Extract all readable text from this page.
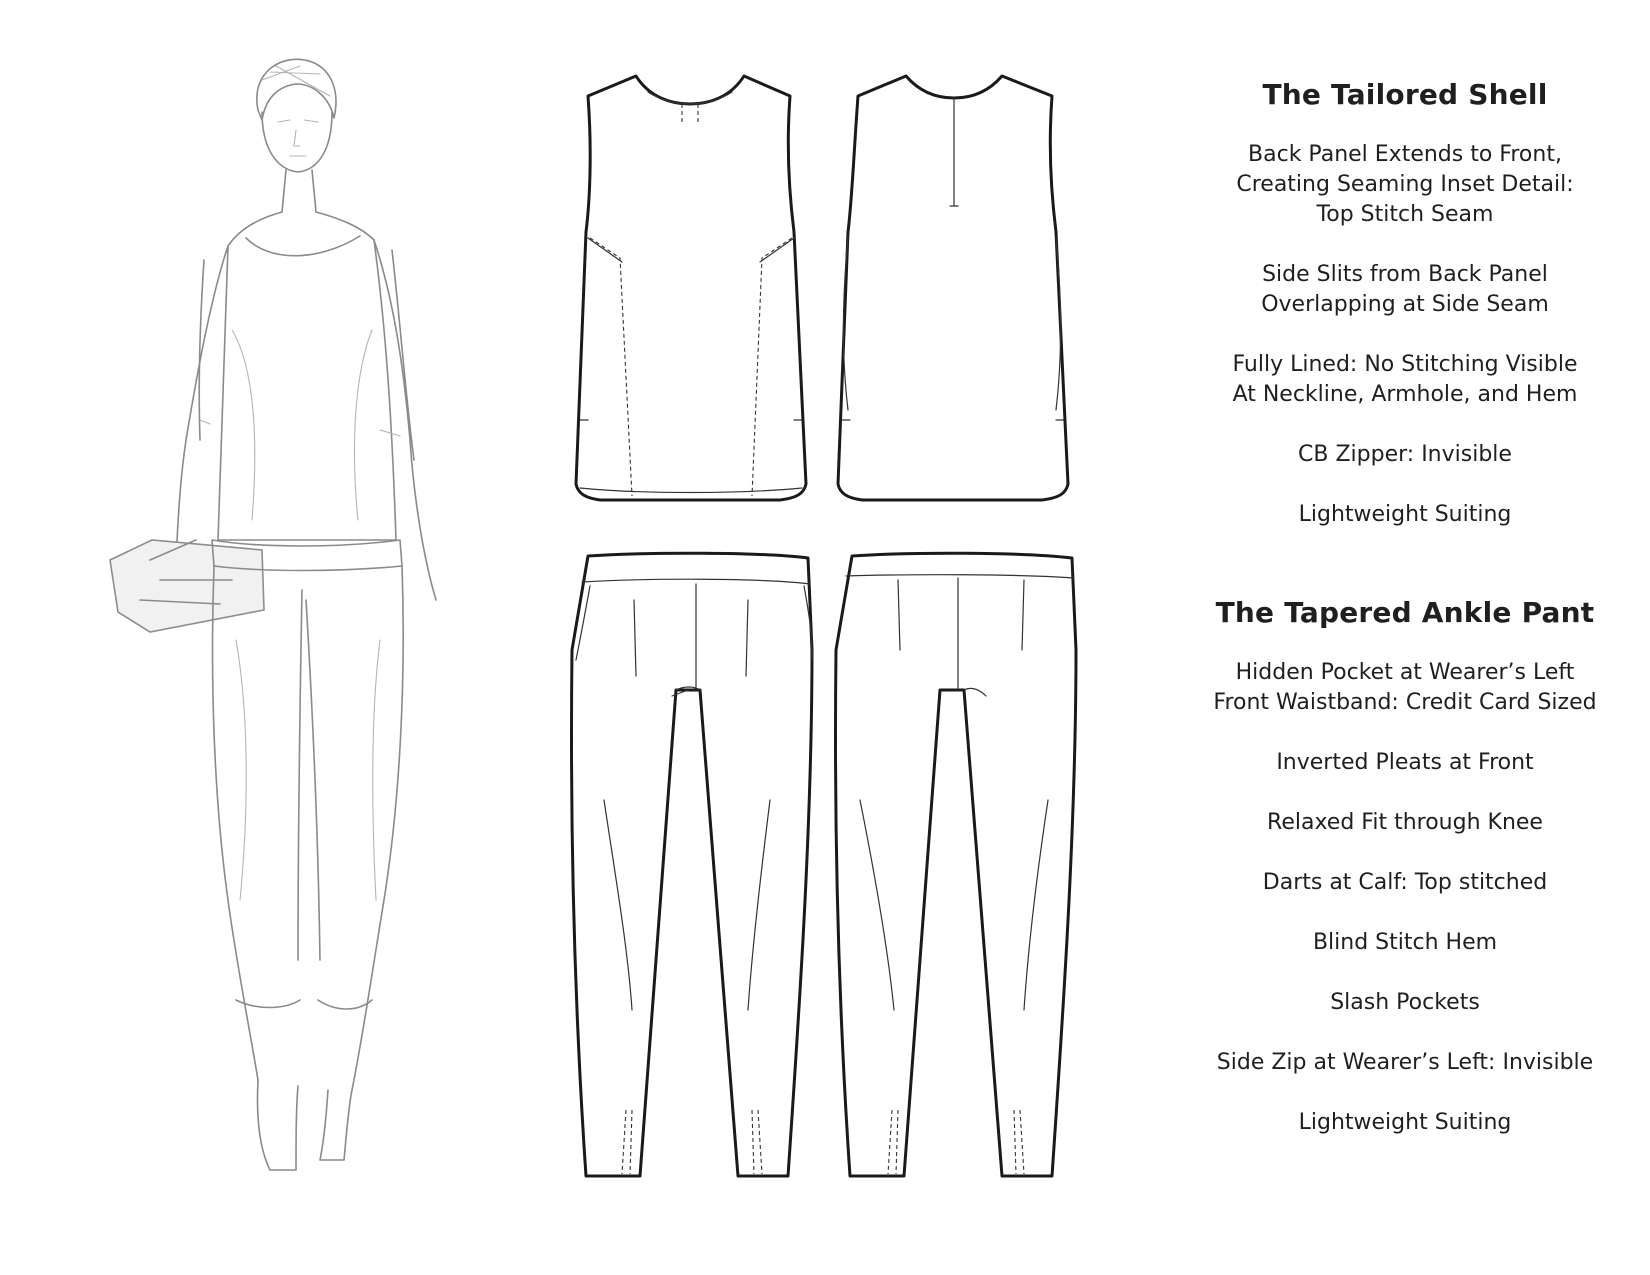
The Tailored Shell
Back Panel Extends to Front,
Creating Seaming Inset Detail:
Top Stitch Seam
Side Slits from Back Panel
Overlapping at Side Seam
Fully Lined: No Stitching Visible
At Neckline, Armhole, and Hem
CB Zipper: Invisible
Lightweight Suiting
The Tapered Ankle Pant
Hidden Pocket at Wearer’s Left
Front Waistband: Credit Card Sized
Inverted Pleats at Front
Relaxed Fit through Knee
Darts at Calf: Top stitched
Blind Stitch Hem
Slash Pockets
Side Zip at Wearer’s Left: Invisible
Lightweight Suiting
